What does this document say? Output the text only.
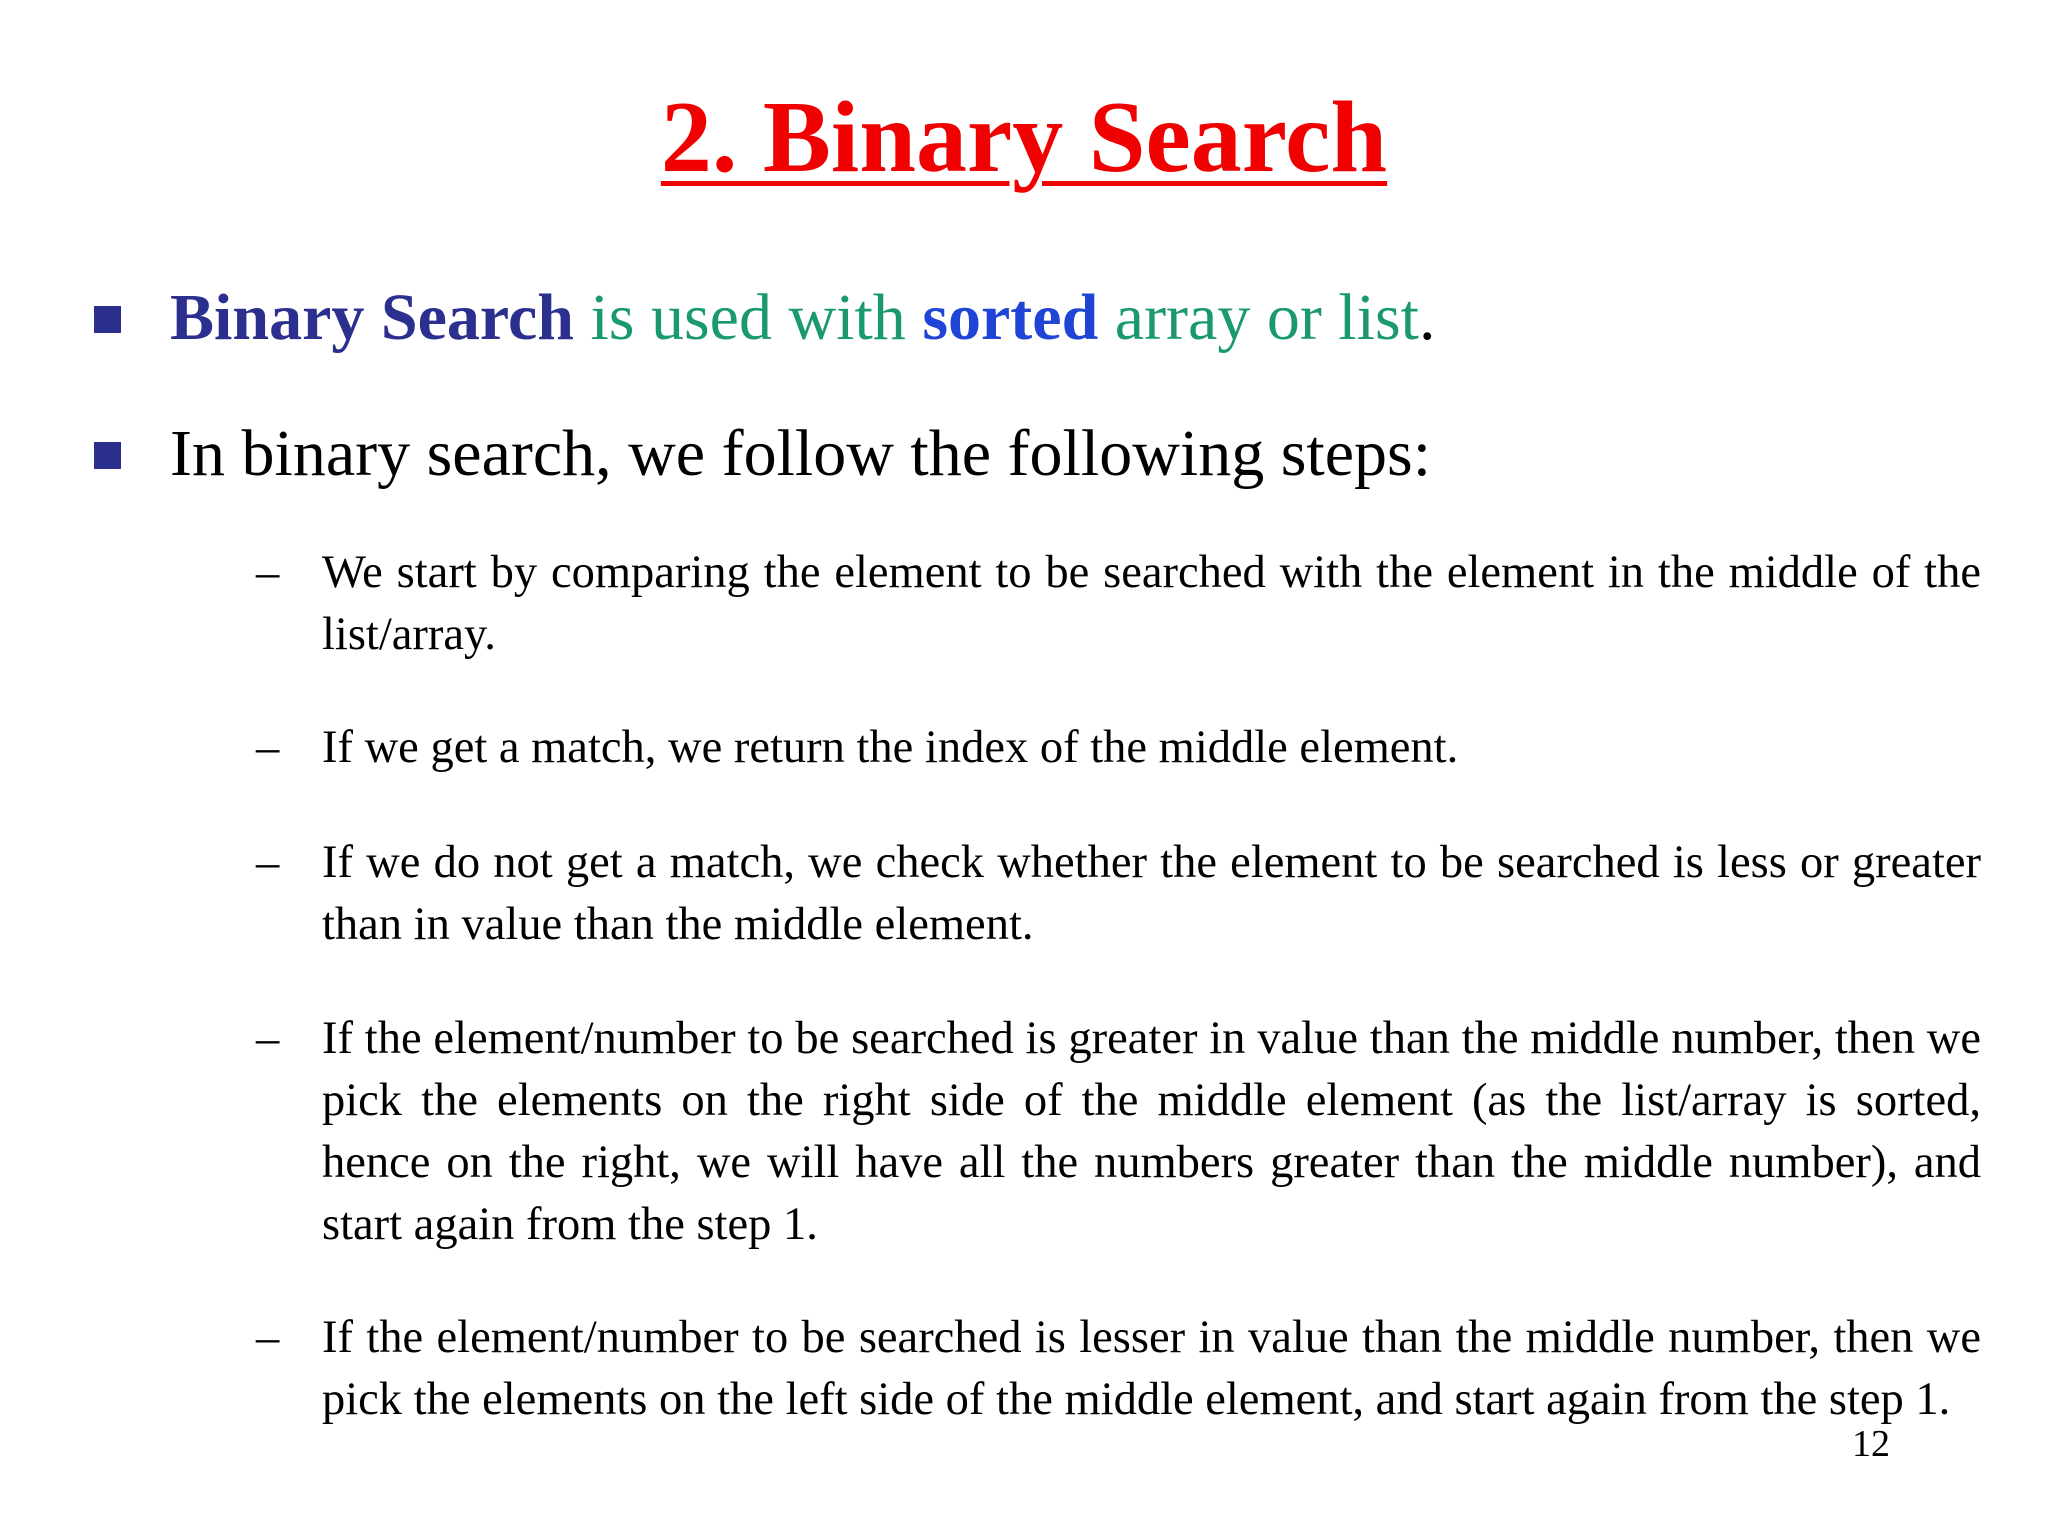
2. Binary Search
Binary Search is used with sorted array or list.
In binary search, we follow the following steps:
– We start by comparing the element to be searched with the element in the middle of the list/array.
– If we get a match, we return the index of the middle element.
– If we do not get a match, we check whether the element to be searched is less or greater than in value than the middle element.
– If the element/number to be searched is greater in value than the middle number, then we pick the elements on the right side of the middle element (as the list/array is sorted, hence on the right, we will have all the numbers greater than the middle number), and start again from the step 1.
– If the element/number to be searched is lesser in value than the middle number, then we pick the elements on the left side of the middle element, and start again from the step 1.
12
